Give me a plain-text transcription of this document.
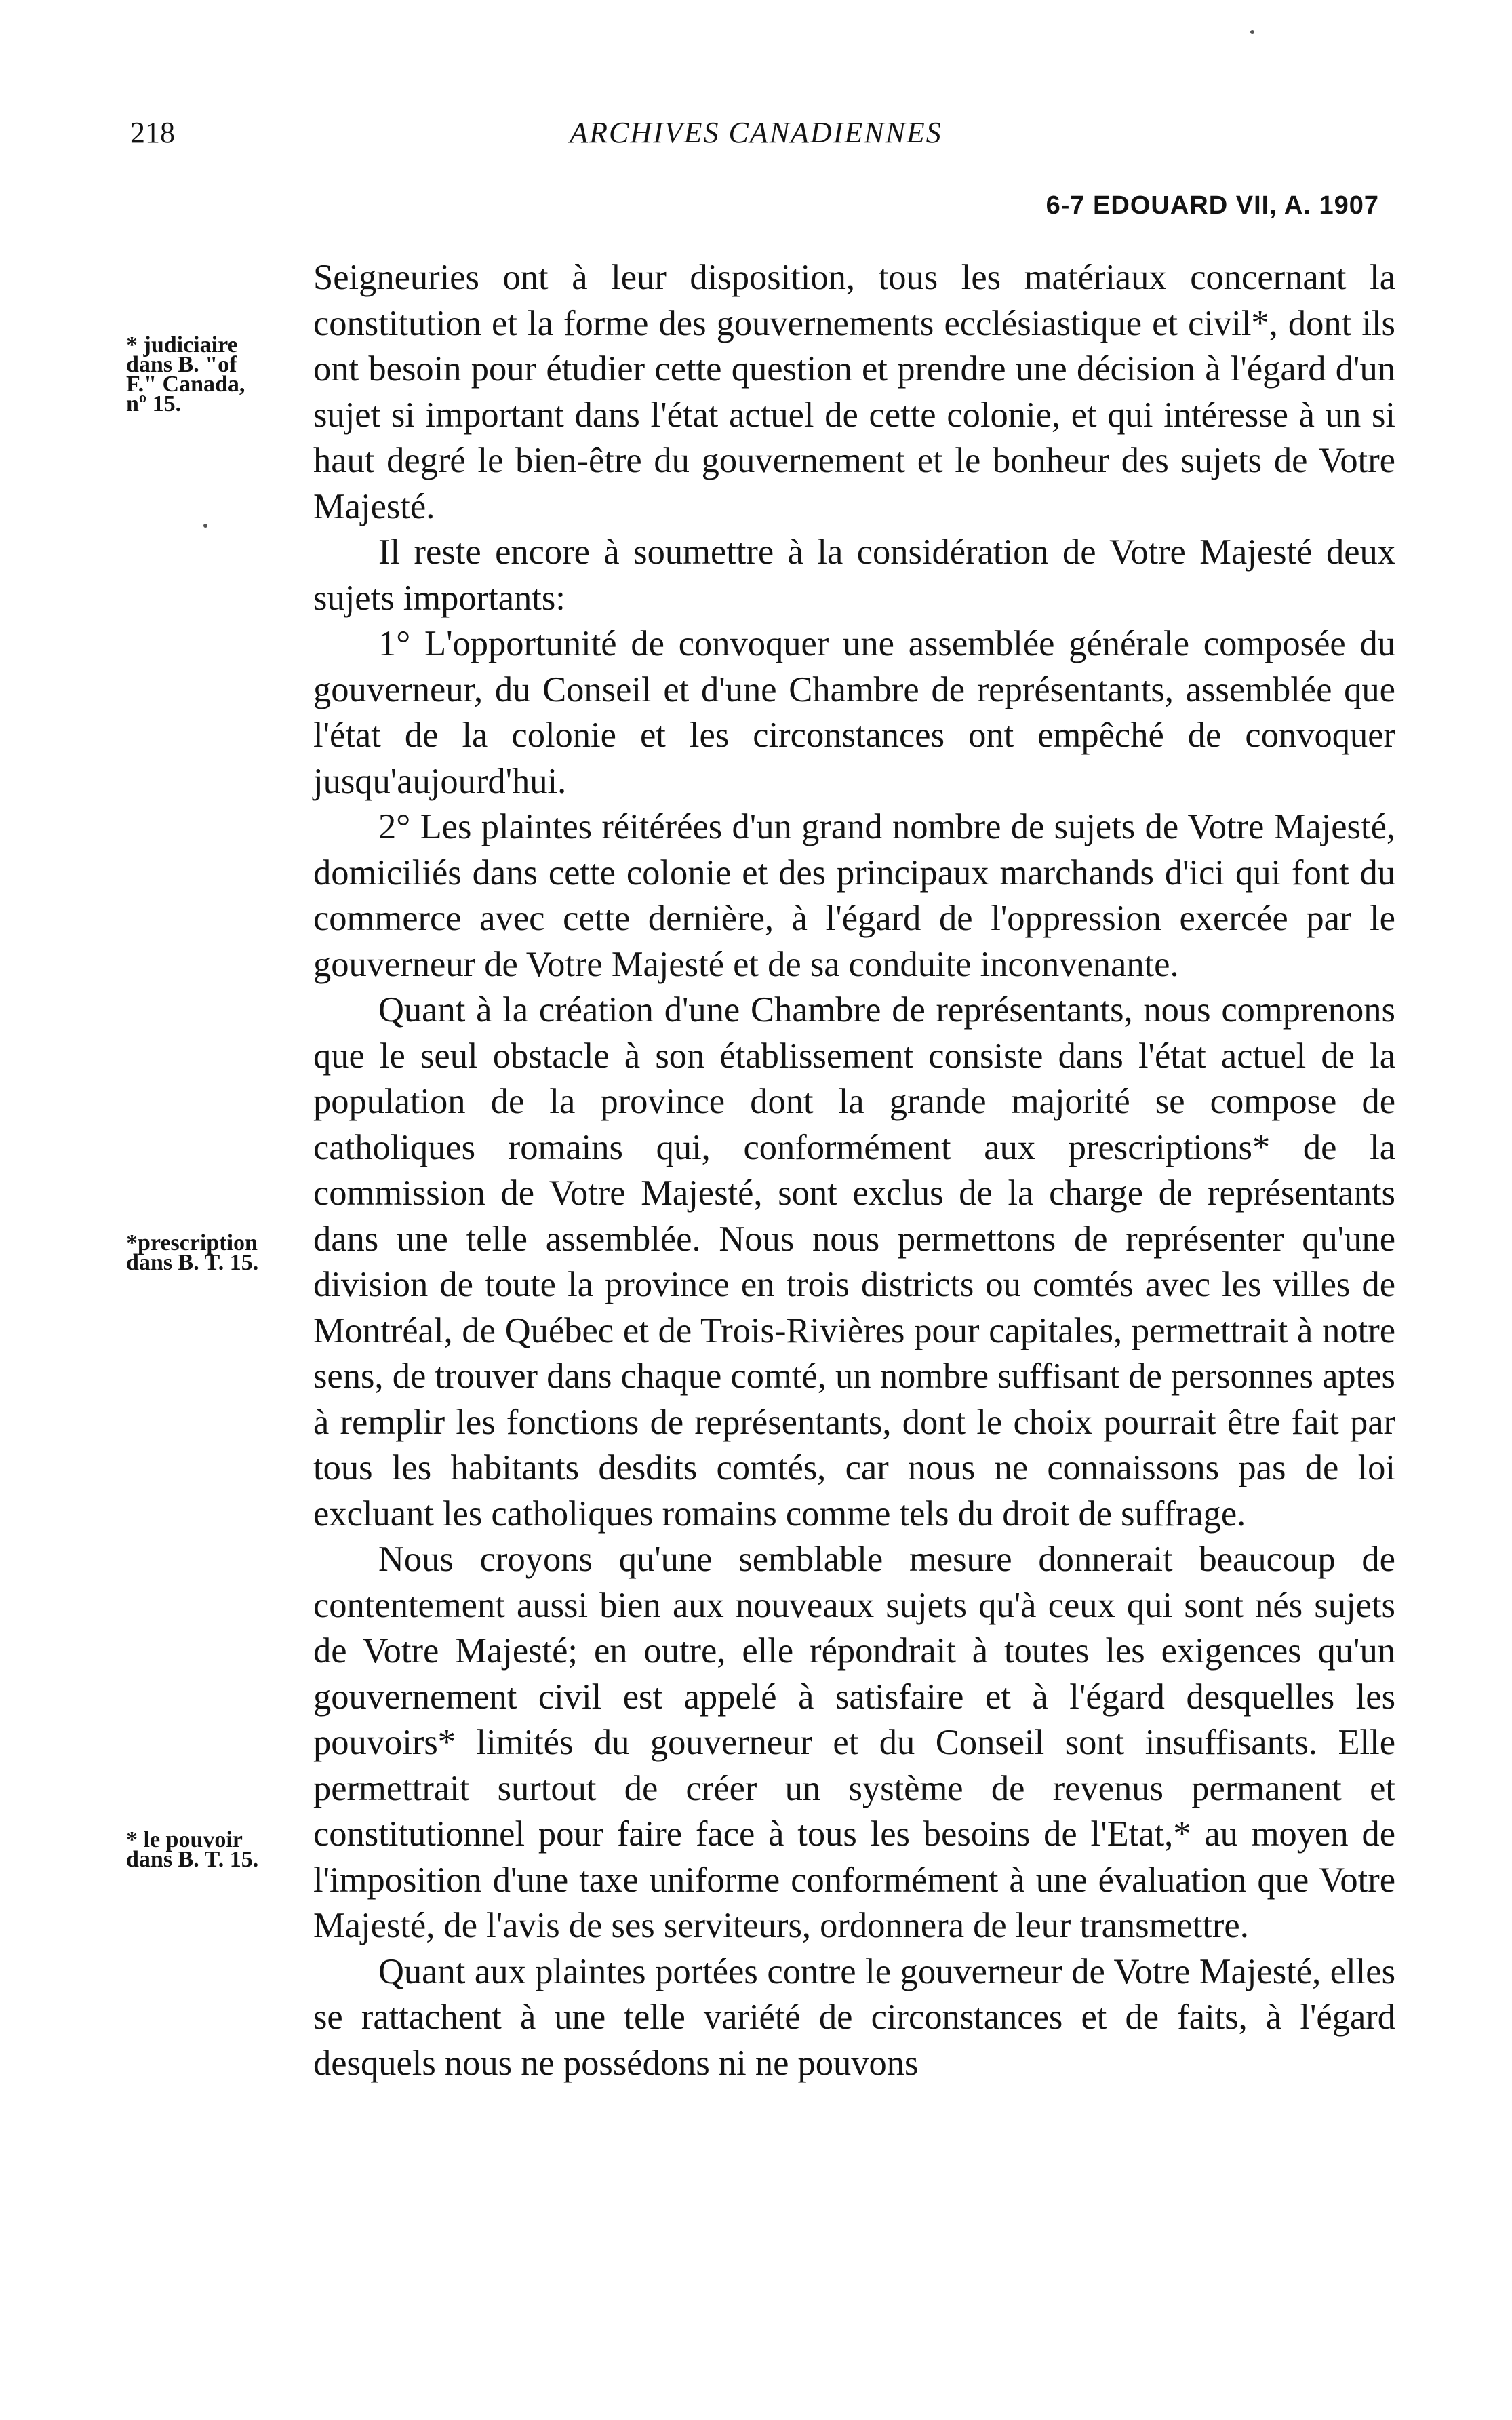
218	ARCHIVES CANADIENNES
6-7 EDOUARD VII, A. 1907
* judiciaire
dans B. "of
F." Canada,
nº 15.
*prescription
dans B. T. 15.
* le pouvoir
dans B. T. 15.

Seigneuries ont à leur disposition, tous les matériaux concernant la constitution et la forme des gouvernements ecclésiastique et civil*, dont ils ont besoin pour étudier cette question et prendre une décision à l'égard d'un sujet si important dans l'état actuel de cette colonie, et qui intéresse à un si haut degré le bien-être du gouvernement et le bonheur des sujets de Votre Majesté.

Il reste encore à soumettre à la considération de Votre Majesté deux sujets importants:

1° L'opportunité de convoquer une assemblée générale composée du gouverneur, du Conseil et d'une Chambre de représentants, assemblée que l'état de la colonie et les circonstances ont empêché de convoquer jusqu'aujourd'hui.

2° Les plaintes réitérées d'un grand nombre de sujets de Votre Majesté, domiciliés dans cette colonie et des principaux marchands d'ici qui font du commerce avec cette dernière, à l'égard de l'oppression exercée par le gouverneur de Votre Majesté et de sa conduite inconvenante.

Quant à la création d'une Chambre de représentants, nous comprenons que le seul obstacle à son établissement consiste dans l'état actuel de la population de la province dont la grande majorité se compose de catholiques romains qui, conformément aux prescriptions* de la commission de Votre Majesté, sont exclus de la charge de représentants dans une telle assemblée. Nous nous permettons de représenter qu'une division de toute la province en trois districts ou comtés avec les villes de Montréal, de Québec et de Trois-Rivières pour capitales, permettrait à notre sens, de trouver dans chaque comté, un nombre suffisant de personnes aptes à remplir les fonctions de représentants, dont le choix pourrait être fait par tous les habitants desdits comtés, car nous ne connaissons pas de loi excluant les catholiques romains comme tels du droit de suffrage.

Nous croyons qu'une semblable mesure donnerait beaucoup de contentement aussi bien aux nouveaux sujets qu'à ceux qui sont nés sujets de Votre Majesté; en outre, elle répondrait à toutes les exigences qu'un gouvernement civil est appelé à satisfaire et à l'égard desquelles les pouvoirs* limités du gouverneur et du Conseil sont insuffisants. Elle permettrait surtout de créer un système de revenus permanent et constitutionnel pour faire face à tous les besoins de l'Etat,* au moyen de l'imposition d'une taxe uniforme conformément à une évaluation que Votre Majesté, de l'avis de ses serviteurs, ordonnera de leur transmettre.

Quant aux plaintes portées contre le gouverneur de Votre Majesté, elles se rattachent à une telle variété de circonstances et de faits, à l'égard desquels nous ne possédons ni ne pouvons
